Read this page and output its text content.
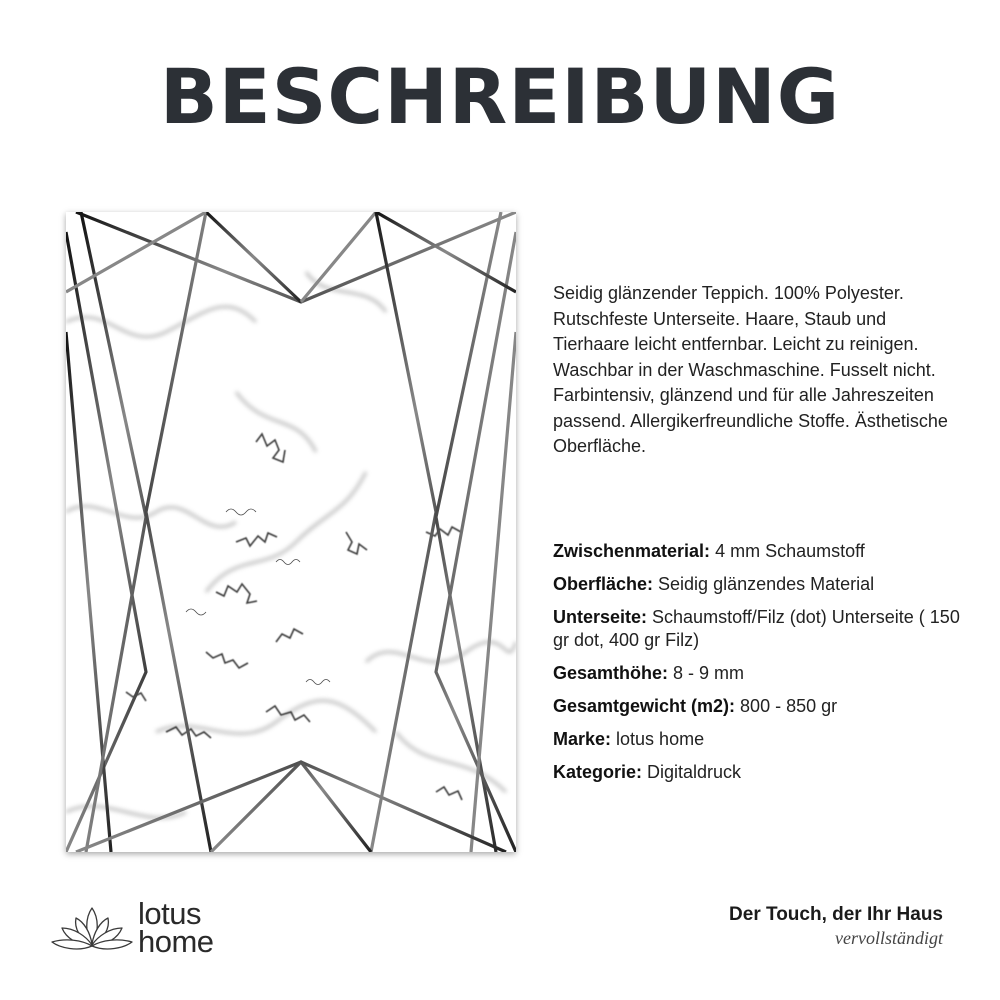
BESCHREIBUNG
Seidig glänzender Teppich. 100% Polyester. Rutschfeste Unterseite. Haare, Staub und Tierhaare leicht entfernbar. Leicht zu reinigen. Waschbar in der Waschmaschine. Fusselt nicht. Farbintensiv, glänzend und für alle Jahreszeiten passend. Allergikerfreundliche Stoffe. Ästhetische Oberfläche.
Zwischenmaterial: 4 mm Schaumstoff
Oberfläche: Seidig glänzendes Material
Unterseite: Schaumstoff/Filz (dot) Unterseite ( 150 gr dot, 400 gr Filz)
Gesamthöhe: 8 - 9 mm
Gesamtgewicht (m2): 800 - 850 gr
Marke: lotus home
Kategorie: Digitaldruck
lotus
home
Der Touch, der Ihr Haus
vervollständigt
